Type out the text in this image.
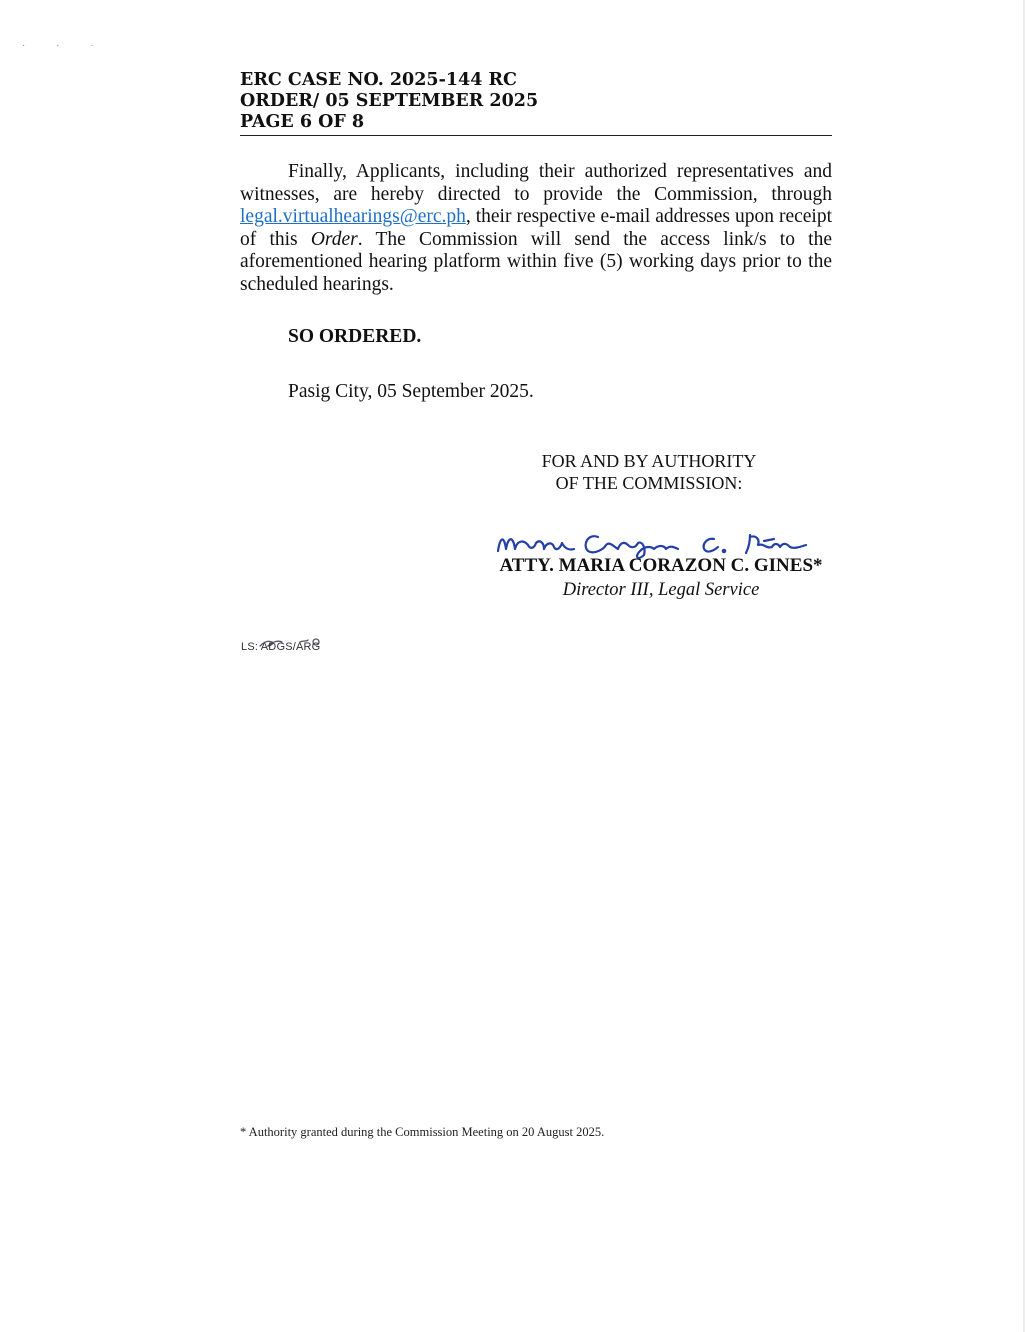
· · ·
ERC CASE NO. 2025-144 RC
ORDER/ 05 SEPTEMBER 2025
PAGE 6 OF 8

Finally, Applicants, including their authorized representatives and witnesses, are hereby directed to provide the Commission, through legal.virtualhearings@erc.ph, their respective e-mail addresses upon receipt of this Order. The Commission will send the access link/s to the aforementioned hearing platform within five (5) working days prior to the scheduled hearings.

SO ORDERED.
Pasig City, 05 September 2025.
FOR AND BY AUTHORITY
OF THE COMMISSION:
ATTY. MARIA CORAZON C. GINES*
Director III, Legal Service
LS: ADGS/ARG
* Authority granted during the Commission Meeting on 20 August 2025.
